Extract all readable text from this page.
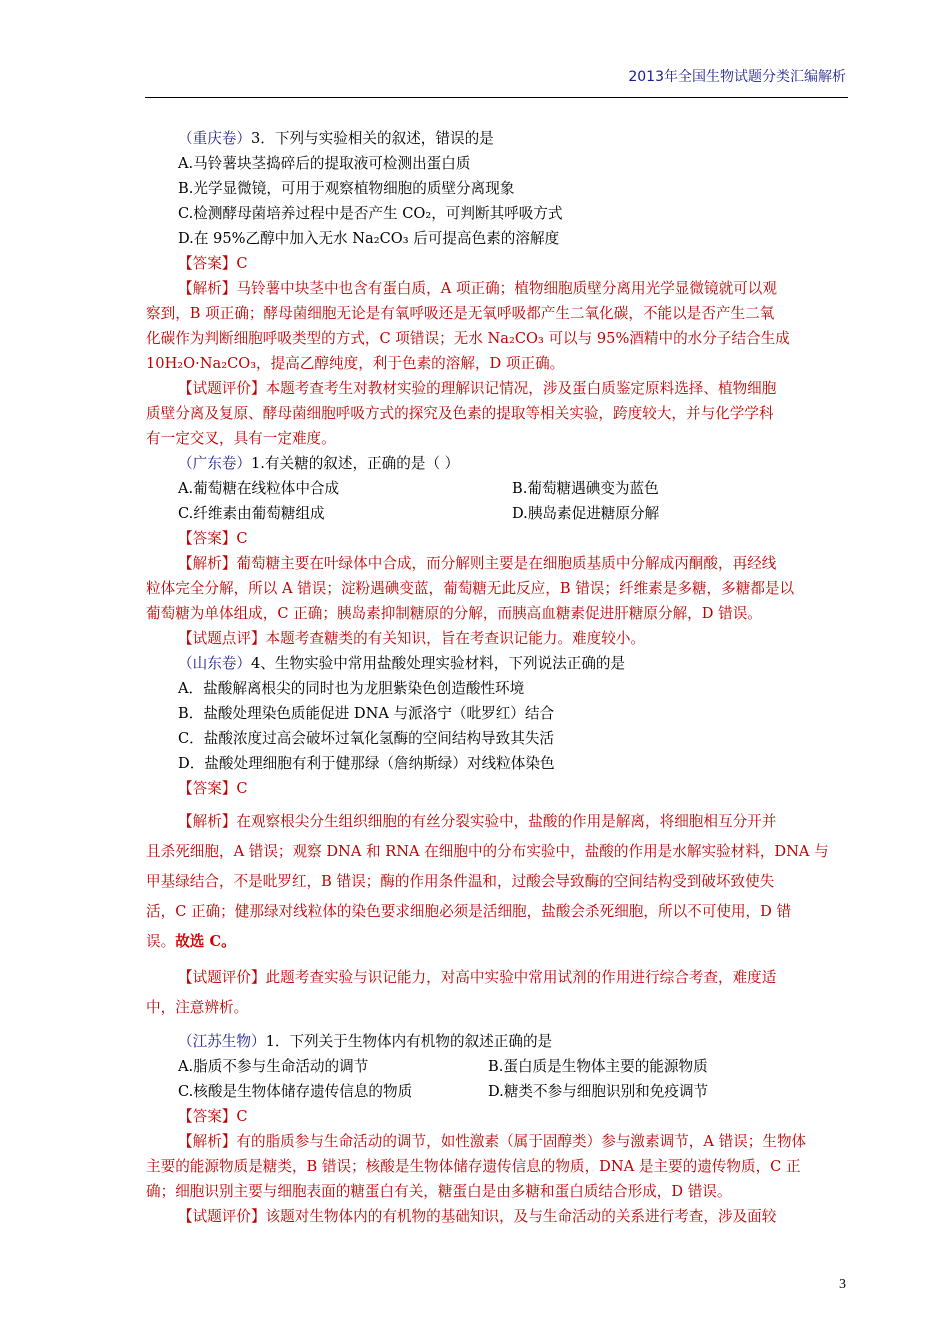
2013年全国生物试题分类汇编解析
（重庆卷）3．下列与实验相关的叙述，错误的是
A.马铃薯块茎捣碎后的提取液可检测出蛋白质
B.光学显微镜，可用于观察植物细胞的质壁分离现象
C.检测酵母菌培养过程中是否产生 CO₂，可判断其呼吸方式
D.在 95%乙醇中加入无水 Na₂CO₃ 后可提高色素的溶解度
【答案】C
【解析】马铃薯中块茎中也含有蛋白质，A 项正确；植物细胞质壁分离用光学显微镜就可以观
察到，B 项正确；酵母菌细胞无论是有氧呼吸还是无氧呼吸都产生二氧化碳，不能以是否产生二氧
化碳作为判断细胞呼吸类型的方式，C 项错误；无水 Na₂CO₃ 可以与 95%酒精中的水分子结合生成
10H₂O·Na₂CO₃，提高乙醇纯度，利于色素的溶解，D 项正确。
【试题评价】本题考查考生对教材实验的理解识记情况，涉及蛋白质鉴定原料选择、植物细胞
质壁分离及复原、酵母菌细胞呼吸方式的探究及色素的提取等相关实验，跨度较大，并与化学学科
有一定交叉，具有一定难度。
（广东卷）1.有关糖的叙述，正确的是（ ）
A.葡萄糖在线粒体中合成	B.葡萄糖遇碘变为蓝色
C.纤维素由葡萄糖组成	D.胰岛素促进糖原分解
【答案】C
【解析】葡萄糖主要在叶绿体中合成，而分解则主要是在细胞质基质中分解成丙酮酸，再经线
粒体完全分解，所以 A 错误；淀粉遇碘变蓝，葡萄糖无此反应，B 错误；纤维素是多糖，多糖都是以
葡萄糖为单体组成，C 正确；胰岛素抑制糖原的分解，而胰高血糖素促进肝糖原分解，D 错误。
【试题点评】本题考查糖类的有关知识，旨在考查识记能力。难度较小。
（山东卷）4、生物实验中常用盐酸处理实验材料，下列说法正确的是
A．盐酸解离根尖的同时也为龙胆紫染色创造酸性环境
B．盐酸处理染色质能促进 DNA 与派洛宁（吡罗红）结合
C．盐酸浓度过高会破坏过氧化氢酶的空间结构导致其失活
D．盐酸处理细胞有利于健那绿（詹纳斯绿）对线粒体染色
【答案】C
【解析】在观察根尖分生组织细胞的有丝分裂实验中，盐酸的作用是解离，将细胞相互分开并
且杀死细胞，A 错误；观察 DNA 和 RNA 在细胞中的分布实验中，盐酸的作用是水解实验材料，DNA 与
甲基绿结合，不是吡罗红，B 错误；酶的作用条件温和，过酸会导致酶的空间结构受到破坏致使失
活，C 正确；健那绿对线粒体的染色要求细胞必须是活细胞，盐酸会杀死细胞，所以不可使用，D 错
误。故选 C。
【试题评价】此题考查实验与识记能力，对高中实验中常用试剂的作用进行综合考查，难度适
中，注意辨析。
（江苏生物）1．下列关于生物体内有机物的叙述正确的是
A.脂质不参与生命活动的调节	B.蛋白质是生物体主要的能源物质
C.核酸是生物体储存遗传信息的物质	D.糖类不参与细胞识别和免疫调节
【答案】C
【解析】有的脂质参与生命活动的调节，如性激素（属于固醇类）参与激素调节，A 错误；生物体
主要的能源物质是糖类，B 错误；核酸是生物体储存遗传信息的物质，DNA 是主要的遗传物质，C 正
确；细胞识别主要与细胞表面的糖蛋白有关，糖蛋白是由多糖和蛋白质结合形成，D 错误。
【试题评价】该题对生物体内的有机物的基础知识，及与生命活动的关系进行考查，涉及面较
3
